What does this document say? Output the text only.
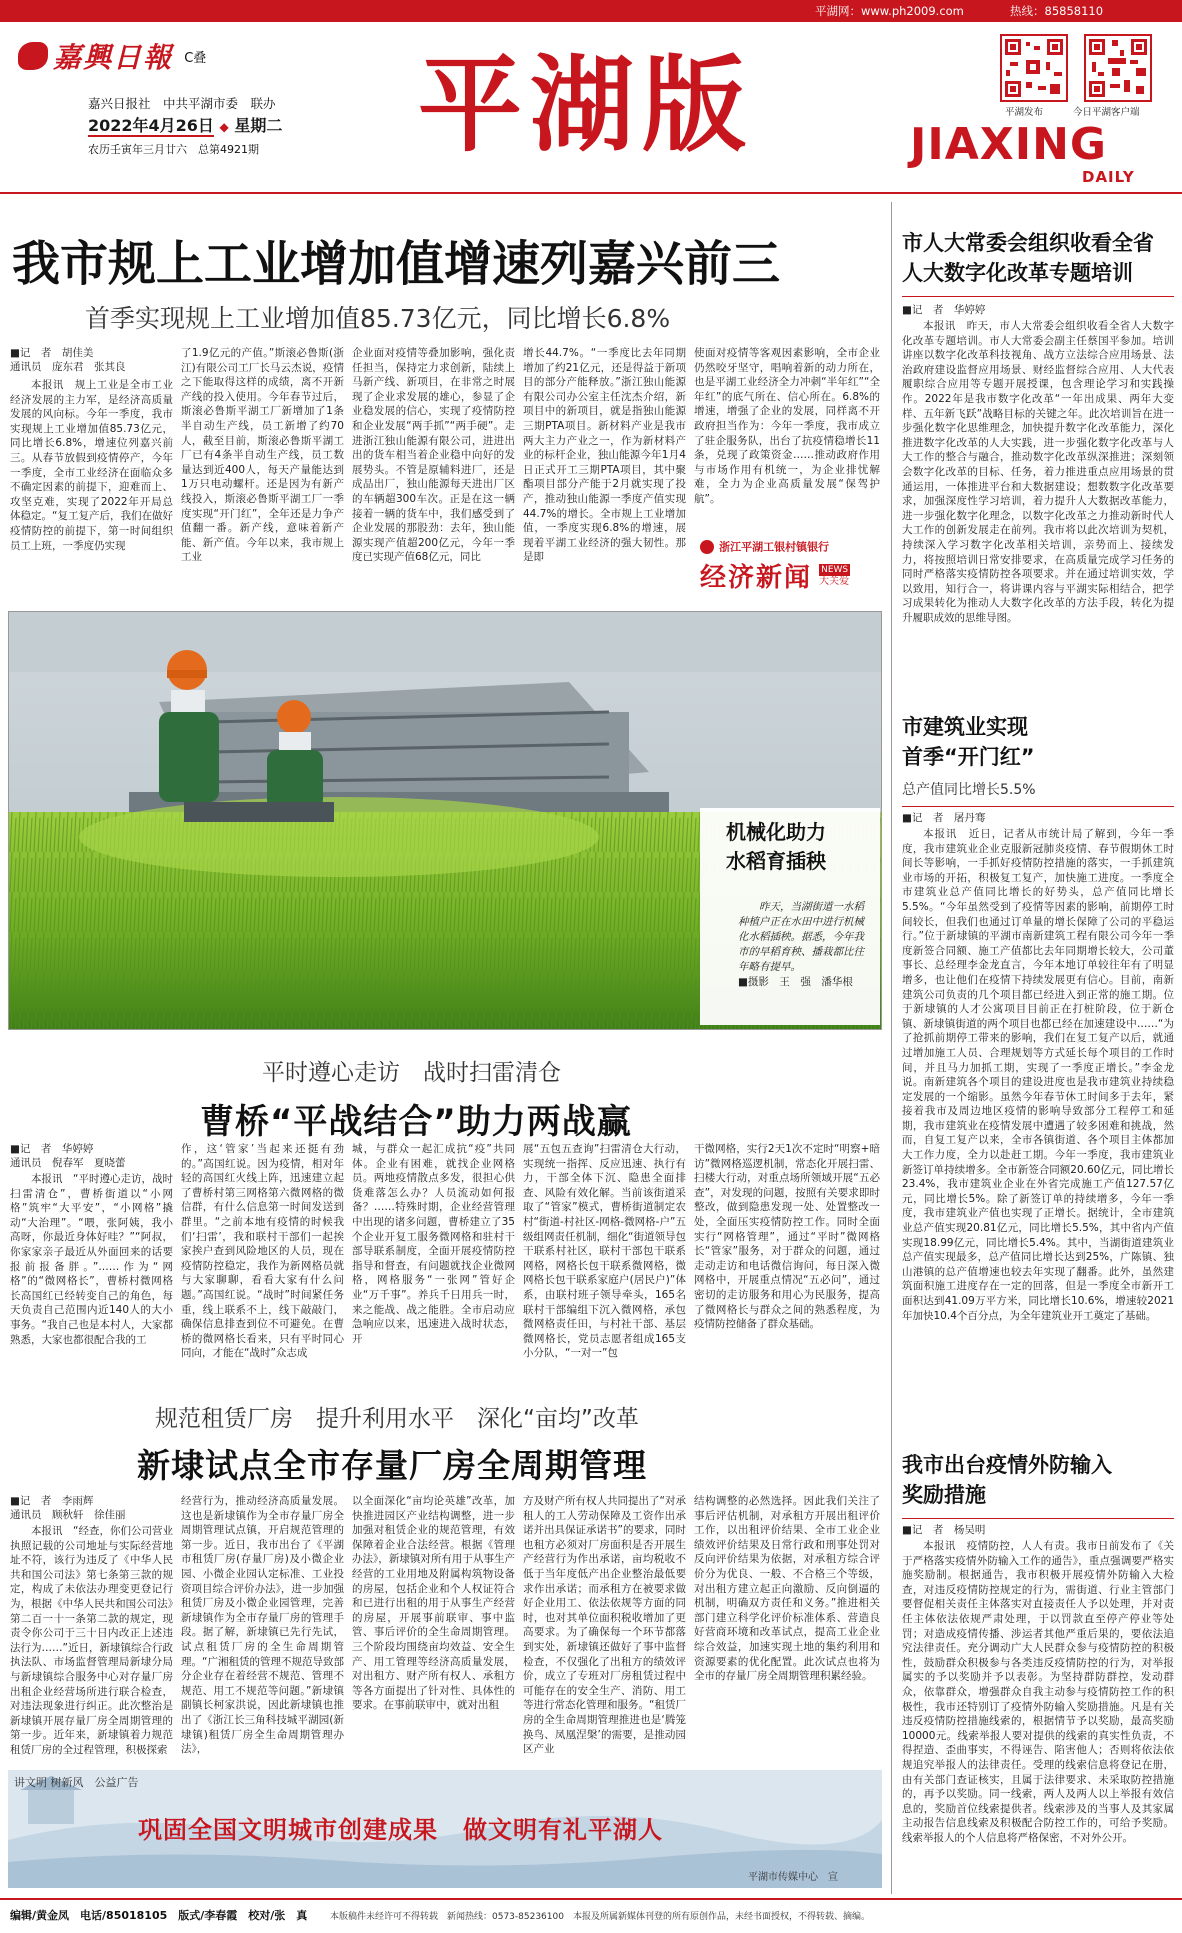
平湖网：www.ph2009.com	热线：85858110
嘉興日報 C叠
嘉兴日报社　中共平湖市委　联办
2022年4月26日 ◆ 星期二
农历壬寅年三月廿六　总第4921期 平湖版	平湖发布	今日平湖客户端
JIAXING
DAILY
我市规上工业增加值增速列嘉兴前三
首季实现规上工业增加值85.73亿元，同比增长6.8%
■记　者　胡佳美
通讯员　庞东君　张其良
本报讯　规上工业是全市工业经济发展的主力军，是经济高质量发展的风向标。今年一季度，我市实现规上工业增加值85.73亿元，同比增长6.8%，增速位列嘉兴前三。从春节放假到疫情停产，今年一季度，全市工业经济在面临众多不确定因素的前提下，迎难而上、攻坚克难，实现了2022年开局总体稳定。“复工复产后，我们在做好疫情防控的前提下，第一时间组织员工上班，一季度仍实现
了1.9亿元的产值。”斯滚必鲁斯(浙江)有限公司工厂长马云杰说，疫情之下能取得这样的成绩，离不开新产线的投入使用。今年春节过后，斯滚必鲁斯平湖工厂新增加了1条半自动生产线，员工新增了约70人，截至目前，斯滚必鲁斯平湖工厂已有4条半自动生产线，员工数量达到近400人，每天产量能达到1万只电动螺杆。还是因为有新产线投入，斯滚必鲁斯平湖工厂一季度实现“开门红”，全年还是力争产值翻一番。新产线，意味着新产能、新产值。今年以来，我市规上工业
企业面对疫情等叠加影响，强化责任担当，保持定力求创新，陆续上马新产线、新项目，在非常之时展现了企业求发展的雄心，参显了企业稳发展的信心，实现了疫情防控和企业发展“两手抓”“两手硬”。走进浙江独山能源有限公司，进进出出的货车相当着企业稳中向好的发展势头。不管是原辅料进厂，还是成品出厂，独山能源每天进出厂区的车辆超300车次。正是在这一辆接着一辆的货车中，我们感受到了企业发展的那股劲：去年，独山能源实现产值超200亿元，今年一季度已实现产值68亿元，同比
增长44.7%。“一季度比去年同期增加了约21亿元，还是得益于新项目的部分产能释放。”浙江独山能源有限公司办公室主任沈杰介绍，新项目中的新项目，就是指独山能源三期PTA项目。新材料产业是我市两大主力产业之一，作为新材料产业的标杆企业，独山能源今年1月4日正式开工三期PTA项目，其中聚酯项目部分产能于2月就实现了投产，推动独山能源一季度产值实现44.7%的增长。全市规上工业增加值，一季度实现6.8%的增速，展现着平湖工业经济的强大韧性。那是即
使面对疫情等客观因素影响，全市企业仍然咬牙坚守，唱响着新的动力所在，也是平湖工业经济全力冲刺“半年红”“全年红”的底气所在、信心所在。6.8%的增速，增强了企业的发展，同样离不开政府担当作为：今年一季度，我市成立了驻企服务队，出台了抗疫情稳增长11条，兑现了政策资金……推动政府作用与市场作用有机统一，为企业排忧解难，全力为企业高质量发展“保驾护航”。
浙江平湖工银村镇银行
经济新闻 NEWS
大关爱
机械化助力
水稻育插秧
昨天，当湖街道一水稻种植户正在水田中进行机械化水稻插秧。据悉，今年我市的早稻育秧、播栽都比往年略有提早。
■摄影　王　强　潘华根
平时遵心走访　战时扫雷清仓
曹桥“平战结合”助力两战赢
■记　者　华婷婷
通讯员　倪春军　夏晓蕾
本报讯　“平时遵心走访，战时扫雷清仓”，曹桥街道以“小网格”筑牢“大平安”，“小网格”撬动“大治理”。“喂，张阿姨，我小高呀，你最近身体好哇？”“阿叔，你家家亲子最近从外面回来的话要报前报备胖。”……作为“网格”的“微网格长”，曹桥村微网格长高国红已经转变自己的角色，每天负责自己范围内近140人的大小事务。“我自己也是本村人，大家都熟悉，大家也都很配合我的工
作，这‘管家’当起来还挺有劲的。”高国红说。因为疫情，相对年轻的高国红火线上阵，迅速建立起了曹桥村第三网格第六微网格的微信群，有什么信息第一时间发送到群里。“之前本地有疫情的时候我们‘扫雷’，我和联村干部们一起挨家挨户查到风险地区的人员，现在疫情防控稳定，我作为新网格员就与大家聊聊，看看大家有什么问题。”高国红说。“战时”时间紧任务重，线上联系不上，线下敲敲门，确保信息排查到位不可避免。在曹桥的微网格长看来，只有平时同心同向，才能在“战时”众志成
城，与群众一起汇成抗“疫”共同体。企业有困难，就找企业网格员。两地疫情散点多发，很担心供货难落怎么办？人员流动如何报备？……特殊时期，企业经营管理中出现的诸多问题，曹桥建立了35个企业开复工服务微网格和驻村干部导联系制度，全面开展疫情防控指导和督查，有问题就找企业微网格，网格服务“一张网”管好企业“万千事”。养兵千日用兵一时，来之能战、战之能胜。全市启动应急响应以来，迅速进入战时状态，开
展“五包五查询”扫雷清仓大行动，实现统一指挥、反应迅速、执行有力，干部全体下沉、隐患全面排查、风险有效化解。当前该街道采取了“管家”模式，曹桥街道制定农村“街道-村社区-网格-微网格-户”五级组网责任机制，细化“街道领导包干联系村社区，联村干部包干联系网格，网格长包干联系微网格，微网格长包干联系家庭户(居民户)”体系，由联村班子领导牵头，165名联村干部编组下沉入微网格，承包微网格责任田，与村社干部、基层微网格长，党员志愿者组成165支小分队，“一对一”包
干微网格，实行2天1次不定时“明察+暗访”微网格巡逻机制，常态化开展扫雷、扫楼大行动，对重点场所领域开展“五必查”，对发现的问题，按照有关要求即时整改，做到隐患发现一处、处置整改一处，全面压实疫情防控工作。同时全面实行“网格管理”，通过“平时”微网格长“管家”服务，对于群众的问题，通过走动走访和电话微信询问，每日深入微网格中，开展重点情况“五必问”，通过密切的走访服务和用心为民服务，提高了微网格长与群众之间的熟悉程度，为疫情防控储备了群众基础。
规范租赁厂房　提升利用水平　深化“亩均”改革
新埭试点全市存量厂房全周期管理
■记　者　李雨辉
通讯员　顾秋轩　徐佳丽
本报讯　“经查，你们公司营业执照记载的公司地址与实际经营地址不符，该行为违反了《中华人民共和国公司法》第七条第三款的规定，构成了未依法办理变更登记行为，根据《中华人民共和国公司法》第二百一十一条第二款的规定，现责令你公司于三十日内改正上述违法行为……”近日，新埭镇综合行政执法队、市场监督管理局新埭分局与新埭镇综合服务中心对存量厂房出租企业经营场所进行联合检查，对违法现象进行纠正。此次整治是新埭镇开展存量厂房全周期管理的第一步。近年来，新埭镇着力规范租赁厂房的全过程管理，积极探索
经营行为，推动经济高质量发展。这也是新埭镇作为全市存量厂房全周期管理试点镇，开启规范管理的第一步。近日，我市出台了《平湖市租赁厂房(存量厂房)及小微企业园、小微企业园认定标准、工业投资项目综合评价办法》，进一步加强租赁厂房及小微企业园管理，完善新埭镇作为全市存量厂房的管理手段。据了解，新埭镇已先行先试，试点租赁厂房的全生命周期管理。“广湘租赁的管理不规范导致部分企业存在着经营不规范、管理不规范、用工不规范等问题。”新埭镇副镇长柯家洪说，因此新埭镇也推出了《浙江长三角科技城平湖园(新埭镇)租赁厂房全生命周期管理办法》，
以全面深化“亩均论英雄”改革，加快推进园区产业结构调整，进一步加强对租赁企业的规范管理，有效保障着企业合法经营。根据《管理办法》，新埭镇对所有用于从事生产经营的工业用地及附属构筑物设备的房屋，包括企业和个人权证符合和已进行出租的用于从事生产经营的房屋，开展事前联审、事中监管、事后评价的全生命周期管理。三个阶段均围绕亩均效益、安全生产、用工管理等经济高质量发展，对出租方、财产所有权人、承租方等各方面提出了针对性、具体性的要求。在事前联审中，就对出租
方及财产所有权人共同提出了“对承租人的工人劳动保障及工资作出承诺并出具保证承诺书”的要求，同时也租方必须对厂房面积是否开展生产经营行为作出承诺，亩均税收不低于当年度低产出企业整治最低要求作出承诺；而承租方在被要求做好企业用工、依法依规等方面的同时，也对其单位面积税收增加了更高要求。为了确保每一个环节都落到实处，新埭镇还做好了事中监督检查，不仅强化了出租方的绩效评价，成立了专班对厂房租赁过程中可能存在的安全生产、消防、用工等进行常态化管理和服务。“租赁厂房的全生命周期管理推进也是‘腾笼换鸟、凤凰涅槃’的需要，是推动园区产业
结构调整的必然选择。因此我们关注了事后评估机制，对承租方开展出租评价工作，以出租评价结果、全市工业企业绩效评价结果及日常行政和刑事处罚对反向评价结果为依据，对承租方综合评价分为优良、一般、不合格三个等级，对出租方建立起正向激励、反向倒逼的机制，明确双方责任和义务。”推进相关部门建立科学化评价标准体系、营造良好营商环境和改革试点，提高工业企业综合效益，加速实现土地的集约利用和资源要素的优化配置。此次试点也将为全市的存量厂房全周期管理积累经验。
讲文明 树新风　公益广告
巩固全国文明城市创建成果　做文明有礼平湖人
平湖市传媒中心　宣
市人大常委会组织收看全省
人大数字化改革专题培训
■记　者　华婷婷
本报讯　昨天，市人大常委会组织收看全省人大数字化改革专题培训。市人大常委会副主任蔡国平参加。培训讲座以数字化改革科技视角、战方立法综合应用场景、法治政府建设监督应用场景、财经监督综合应用、人大代表履职综合应用等专题开展授课，包含理论学习和实践操作。2022年是我市数字化改革“一年出成果、两年大变样、五年新飞跃”战略目标的关键之年。此次培训旨在进一步强化数字化思维理念，加快提升数字化改革能力，深化推进数字化改革的人大实践，进一步强化数字化改革与人大工作的整合与融合，推动数字化改革纵深推进；深刻领会数字化改革的目标、任务，着力推进重点应用场景的贯通运用，一体推进平台和大数据建设；想数数字化改革要求，加强深度性学习培训，着力提升人大数据改革能力，进一步强化数字化理念，以数字化改革之力推动新时代人大工作的创新发展走在前列。我市将以此次培训为契机，持续深入学习数字化改革相关培训，亲势而上、接续发力，将按照培训日常安排要求，在高质量完成学习任务的同时严格落实疫情防控各项要求。并在通过培训实效，学以致用，知行合一，将讲课内容与平湖实际相结合，把学习成果转化为推动人大数字化改革的方法手段，转化为提升履职成效的思维导图。
市建筑业实现
首季“开门红”
总产值同比增长5.5%
■记　者　屠丹骞
本报讯　近日，记者从市统计局了解到，今年一季度，我市建筑业企业克服新冠肺炎疫情、春节假期休工时间长等影响，一手抓好疫情防控措施的落实，一手抓建筑业市场的开拓，积极复工复产，加快施工进度。一季度全市建筑业总产值同比增长的好势头，总产值同比增长5.5%。“今年虽然受到了疫情等因素的影响，前期停工时间较长，但我们也通过订单量的增长保障了公司的平稳运行。”位于新埭镇的平湖市南新建筑工程有限公司今年一季度新签合同额、施工产值都比去年同期增长较大，公司董事长、总经理李金龙直言，今年本地订单较往年有了明显增多，也让他们在疫情下持续发展更有信心。目前，南新建筑公司负责的几个项目都已经进入到正常的施工期。位于新埭镇的人才公寓项目目前正在打桩阶段，位于新仓镇、新埭镇街道的两个项目也都已经在加速建设中……“为了抢抓前期停工带来的影响，我们在复工复产以后，就通过增加施工人员、合理规划等方式延长每个项目的工作时间，并且马力加抓工期，实现了一季度正增长。”李金龙说。南新建筑各个项目的建设进度也是我市建筑业持续稳定发展的一个缩影。虽然今年春节休工时间多于去年，紧接着我市及周边地区疫情的影响导致部分工程停工和延期，我市建筑业在疫情发展中遭遇了较多困难和挑战，然而，自复工复产以来，全市各镇街道、各个项目主体都加大工作力度，全力以赴赶工期。今年一季度，我市建筑业新签订单持续增多。全市新签合同额20.60亿元，同比增长23.4%，我市建筑业企业在外省完成施工产值127.57亿元，同比增长5%。除了新签订单的持续增多，今年一季度，我市建筑业产值也实现了正增长。据统计，全市建筑业总产值实现20.81亿元，同比增长5.5%，其中省内产值实现18.99亿元，同比增长5.4%。其中，当湖街道建筑业总产值实现最多，总产值同比增长达到25%，广陈镇、独山港镇的总产值增速也较去年实现了翻番。此外，虽然建筑面积施工进度存在一定的回落，但是一季度全市新开工面积达到41.09万平方米，同比增长10.6%，增速较2021年加快10.4个百分点，为全年建筑业开工奠定了基础。
我市出台疫情外防输入
奖励措施
■记　者　杨吴明
本报讯　疫情防控，人人有责。我市日前发布了《关于严格落实疫情外防输入工作的通告》，重点强调要严格实施奖励制。根据通告，我市积极开展疫情外防输入大检查，对违反疫情防控规定的行为，需街道、行业主管部门要督促相关责任主体落实对直接责任人予以处理，并对责任主体依法依规严肃处理，于以罚款直至停产停业等处罚；对造成疫情传播、涉运者其他严重后果的，要依法追究法律责任。充分调动广大人民群众参与疫情防控的积极性，鼓励群众积极参与各类违反疫情防控的行为，对举报属实的予以奖励并予以表彰。为坚持群防群控，发动群众，依靠群众，增强群众自我主动参与疫情防控工作的积极性，我市还特别订了疫情外防输入奖励措施。凡是有关违反疫情防控措施线索的，根据情节予以奖励，最高奖励10000元。线索举报人要对提供的线索的真实性负责，不得捏造、歪曲事实，不得诬告、陷害他人；否则将依法依规追究举报人的法律责任。受理的线索信息将登记在册，由有关部门查证核实，且属于法律要求、未采取防控措施的，再予以奖励。同一线索，两人及两人以上举报有效信息的，奖励首位线索提供者。线索涉及的当事人及其家属主动报告信息线索及积极配合防控工作的，可给予奖励。线索举报人的个人信息将严格保密，不对外公开。
编辑/黄金凤　电话/85018105　版式/李春霞　校对/张　真	本版稿件未经许可不得转载　新闻热线：0573-85236100　本报及所属新媒体刊登的所有原创作品，未经书面授权，不得转载、摘编。
